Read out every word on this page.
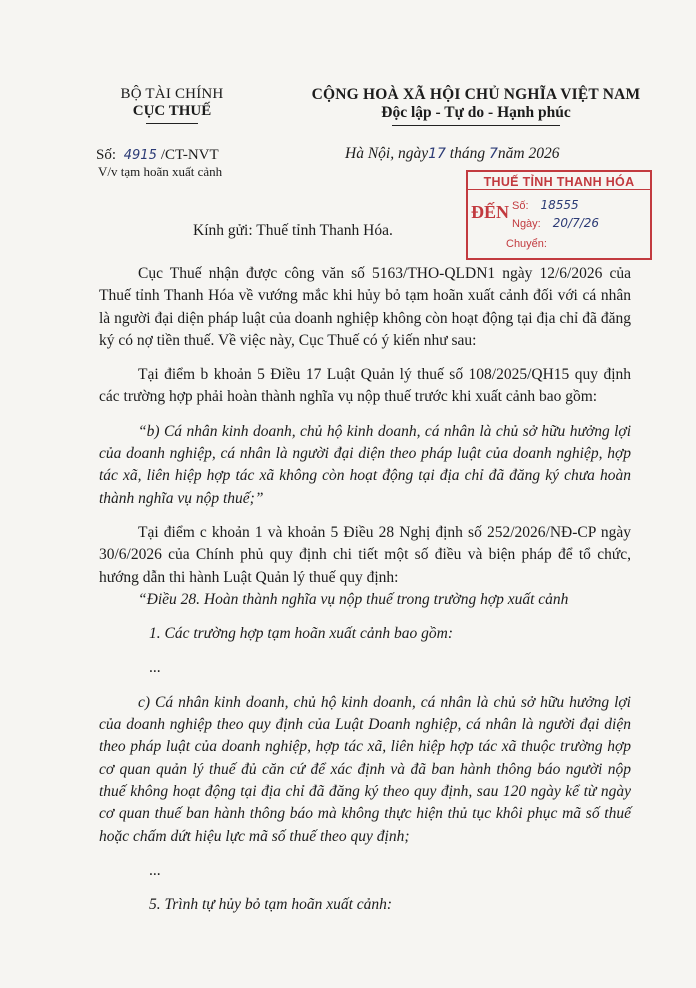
BỘ TÀI CHÍNH
CỤC THUẾ
CỘNG HOÀ XÃ HỘI CHỦ NGHĨA VIỆT NAM
Độc lập - Tự do - Hạnh phúc
Số: 4915 /CT-NVT
V/v tạm hoãn xuất cảnh
Hà Nội, ngày17 tháng 7năm 2026
THUẾ TỈNH THANH HÓA
ĐẾN Số: 18555
Ngày: 20/7/26
Chuyển:
Kính gửi: Thuế tỉnh Thanh Hóa.

Cục Thuế nhận được công văn số 5163/THO-QLDN1 ngày 12/6/2026 của Thuế tỉnh Thanh Hóa về vướng mắc khi hủy bỏ tạm hoãn xuất cảnh đối với cá nhân là người đại diện pháp luật của doanh nghiệp không còn hoạt động tại địa chỉ đã đăng ký có nợ tiền thuế. Về việc này, Cục Thuế có ý kiến như sau:

Tại điểm b khoản 5 Điều 17 Luật Quản lý thuế số 108/2025/QH15 quy định các trường hợp phải hoàn thành nghĩa vụ nộp thuế trước khi xuất cảnh bao gồm:

“b) Cá nhân kinh doanh, chủ hộ kinh doanh, cá nhân là chủ sở hữu hưởng lợi của doanh nghiệp, cá nhân là người đại diện theo pháp luật của doanh nghiệp, hợp tác xã, liên hiệp hợp tác xã không còn hoạt động tại địa chỉ đã đăng ký chưa hoàn thành nghĩa vụ nộp thuế;”

Tại điểm c khoản 1 và khoản 5 Điều 28 Nghị định số 252/2026/NĐ-CP ngày 30/6/2026 của Chính phủ quy định chi tiết một số điều và biện pháp để tổ chức, hướng dẫn thi hành Luật Quản lý thuế quy định:

“Điều 28. Hoàn thành nghĩa vụ nộp thuế trong trường hợp xuất cảnh

1. Các trường hợp tạm hoãn xuất cảnh bao gồm:

...

c) Cá nhân kinh doanh, chủ hộ kinh doanh, cá nhân là chủ sở hữu hưởng lợi của doanh nghiệp theo quy định của Luật Doanh nghiệp, cá nhân là người đại diện theo pháp luật của doanh nghiệp, hợp tác xã, liên hiệp hợp tác xã thuộc trường hợp cơ quan quản lý thuế đủ căn cứ để xác định và đã ban hành thông báo người nộp thuế không hoạt động tại địa chỉ đã đăng ký theo quy định, sau 120 ngày kể từ ngày cơ quan thuế ban hành thông báo mà không thực hiện thủ tục khôi phục mã số thuế hoặc chấm dứt hiệu lực mã số thuế theo quy định;

...

5. Trình tự hủy bỏ tạm hoãn xuất cảnh:
